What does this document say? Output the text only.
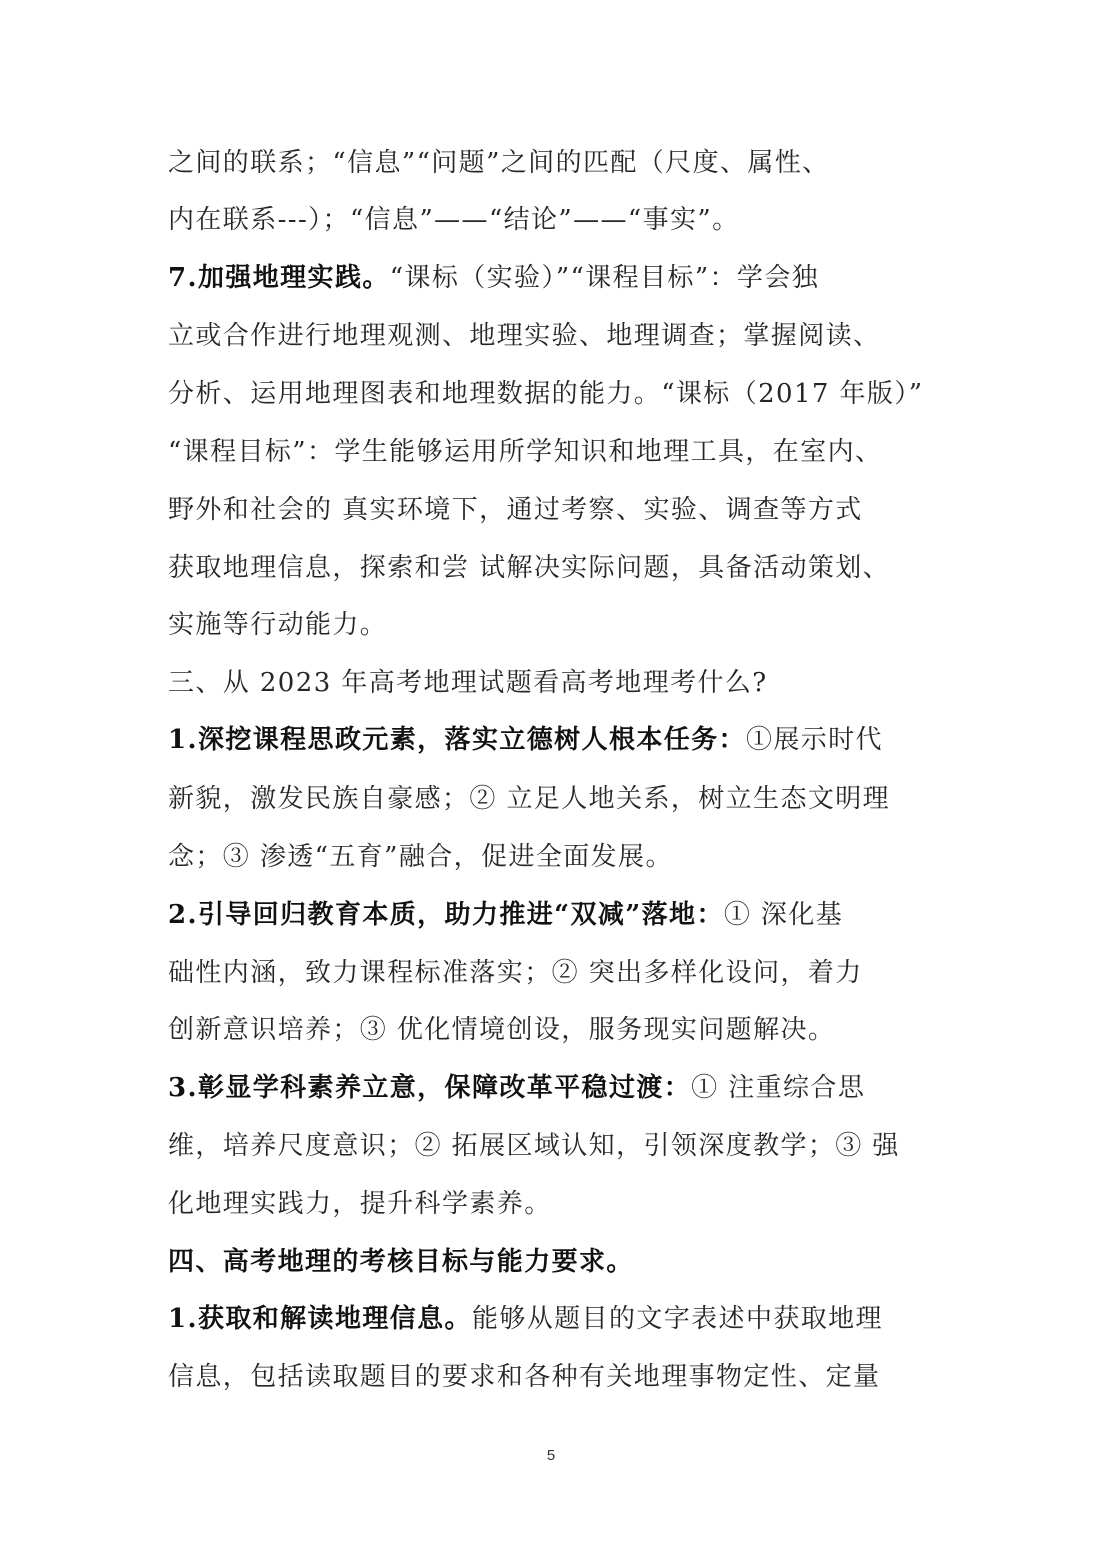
之间的联系；“信息”“问题”之间的匹配（尺度、属性、
内在联系---）；“信息”——“结论”——“事实”。
7.加强地理实践。“课标（实验）”“课程目标”：学会独
立或合作进行地理观测、地理实验、地理调查；掌握阅读、
分析、运用地理图表和地理数据的能力。“课标（2017 年版）”
“课程目标”：学生能够运用所学知识和地理工具，在室内、
野外和社会的 真实环境下，通过考察、实验、调查等方式
获取地理信息，探索和尝 试解决实际问题，具备活动策划、
实施等行动能力。
三、从 2023 年高考地理试题看高考地理考什么?
1.深挖课程思政元素，落实立德树人根本任务：①展示时代
新貌，激发民族自豪感；② 立足人地关系，树立生态文明理
念；③ 渗透“五育”融合，促进全面发展。
2.引导回归教育本质，助力推进“双减”落地：① 深化基
础性内涵，致力课程标准落实；② 突出多样化设问，着力
创新意识培养；③ 优化情境创设，服务现实问题解决。
3.彰显学科素养立意，保障改革平稳过渡：① 注重综合思
维，培养尺度意识；② 拓展区域认知，引领深度教学；③ 强
化地理实践力，提升科学素养。
四、高考地理的考核目标与能力要求。
1.获取和解读地理信息。能够从题目的文字表述中获取地理
信息，包括读取题目的要求和各种有关地理事物定性、定量
5
